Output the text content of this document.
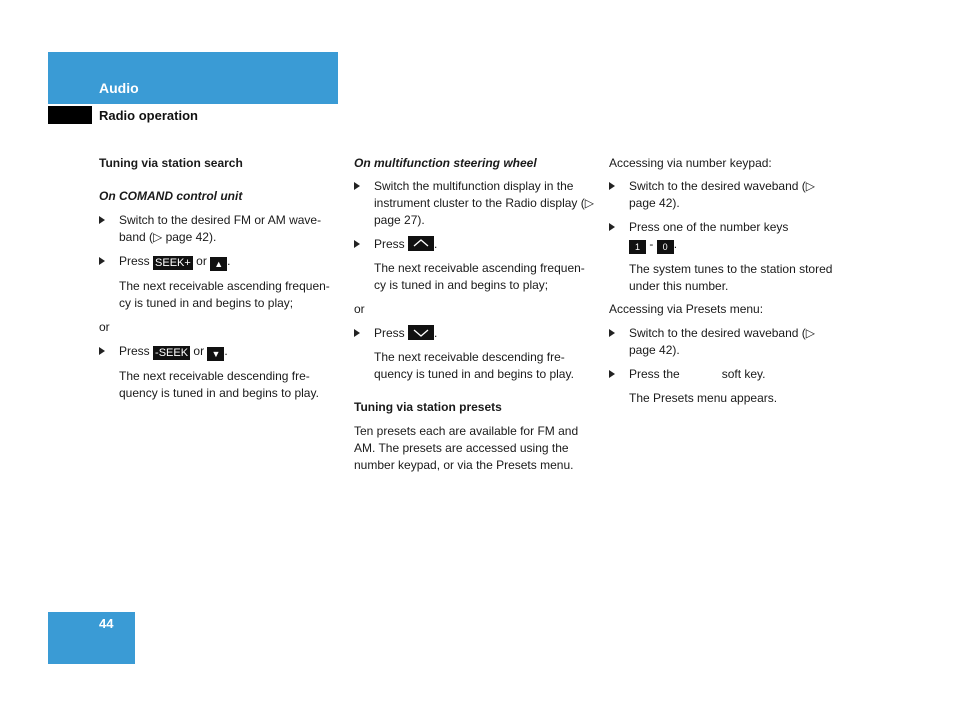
Audio
Radio operation

Tuning via station search

On COMAND control unit

Switch to the desired FM or AM wave-band (▷ page 42).
Press SEEK+ or ▲ .

The next receivable ascending frequen-cy is tuned in and begins to play;

or

Press -SEEK or ▼ .

The next receivable descending fre-quency is tuned in and begins to play.

On multifunction steering wheel

Switch the multifunction display in the instrument cluster to the Radio display (▷ page 27).
Press .

The next receivable ascending frequen-cy is tuned in and begins to play;

or

Press .

The next receivable descending fre-quency is tuned in and begins to play.

Tuning via station presets

Ten presets each are available for FM and AM. The presets are accessed using the number keypad, or via the Presets menu.

Accessing via number keypad:

Switch to the desired waveband (▷ page 42).
Press one of the number keys
1 - 0 .

The system tunes to the station stored under this number.

Accessing via Presets menu:

Switch to the desired waveband (▷ page 42).
Press the	soft key.

The Presets menu appears.

44
